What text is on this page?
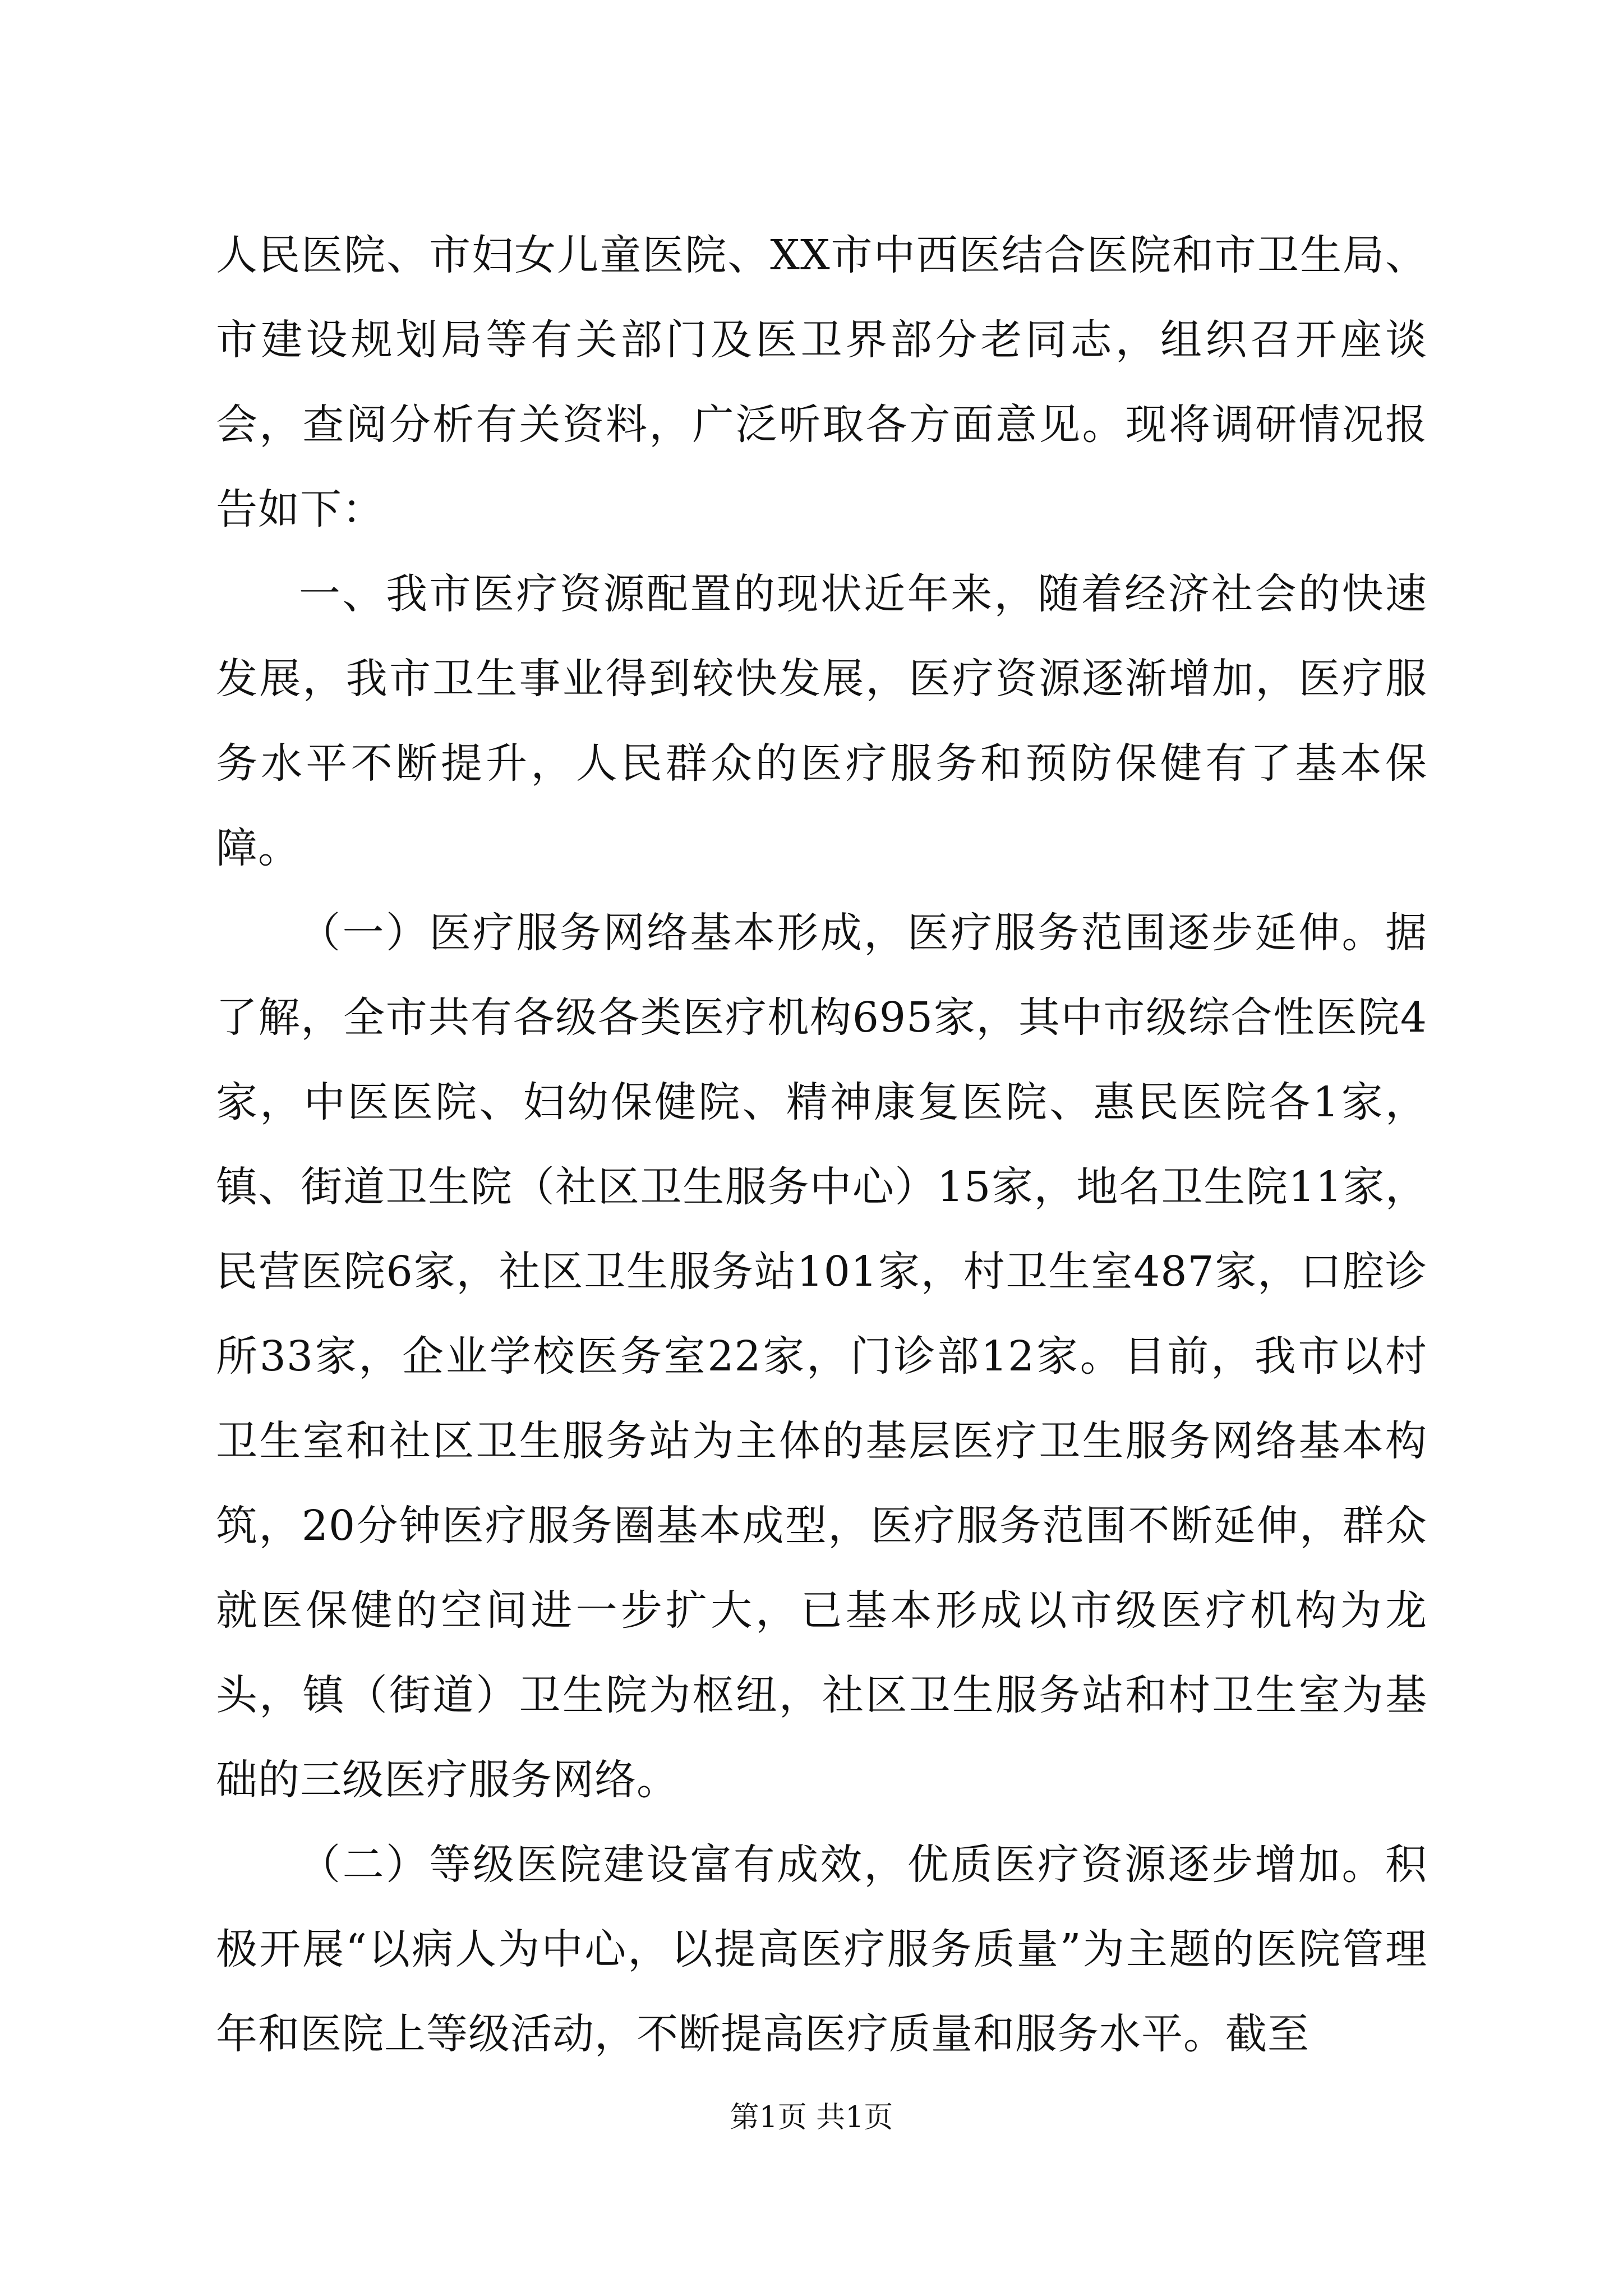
人民医院、市妇女儿童医院、XX市中西医结合医院和市卫生局、市建设规划局等有关部门及医卫界部分老同志，组织召开座谈会，查阅分析有关资料，广泛听取各方面意见。现将调研情况报告如下：

一、我市医疗资源配置的现状近年来，随着经济社会的快速发展，我市卫生事业得到较快发展，医疗资源逐渐增加，医疗服务水平不断提升，人民群众的医疗服务和预防保健有了基本保障。

（一）医疗服务网络基本形成，医疗服务范围逐步延伸。据了解，全市共有各级各类医疗机构695家，其中市级综合性医院4家，中医医院、妇幼保健院、精神康复医院、惠民医院各1家，镇、街道卫生院（社区卫生服务中心）15家，地名卫生院11家，民营医院6家，社区卫生服务站101家，村卫生室487家，口腔诊所33家，企业学校医务室22家，门诊部12家。目前，我市以村卫生室和社区卫生服务站为主体的基层医疗卫生服务网络基本构筑，20分钟医疗服务圈基本成型，医疗服务范围不断延伸，群众就医保健的空间进一步扩大，已基本形成以市级医疗机构为龙头，镇（街道）卫生院为枢纽，社区卫生服务站和村卫生室为基础的三级医疗服务网络。

（二）等级医院建设富有成效，优质医疗资源逐步增加。积极开展“以病人为中心，以提高医疗服务质量”为主题的医院管理年和医院上等级活动，不断提高医疗质量和服务水平。截至

第1页 共1页
